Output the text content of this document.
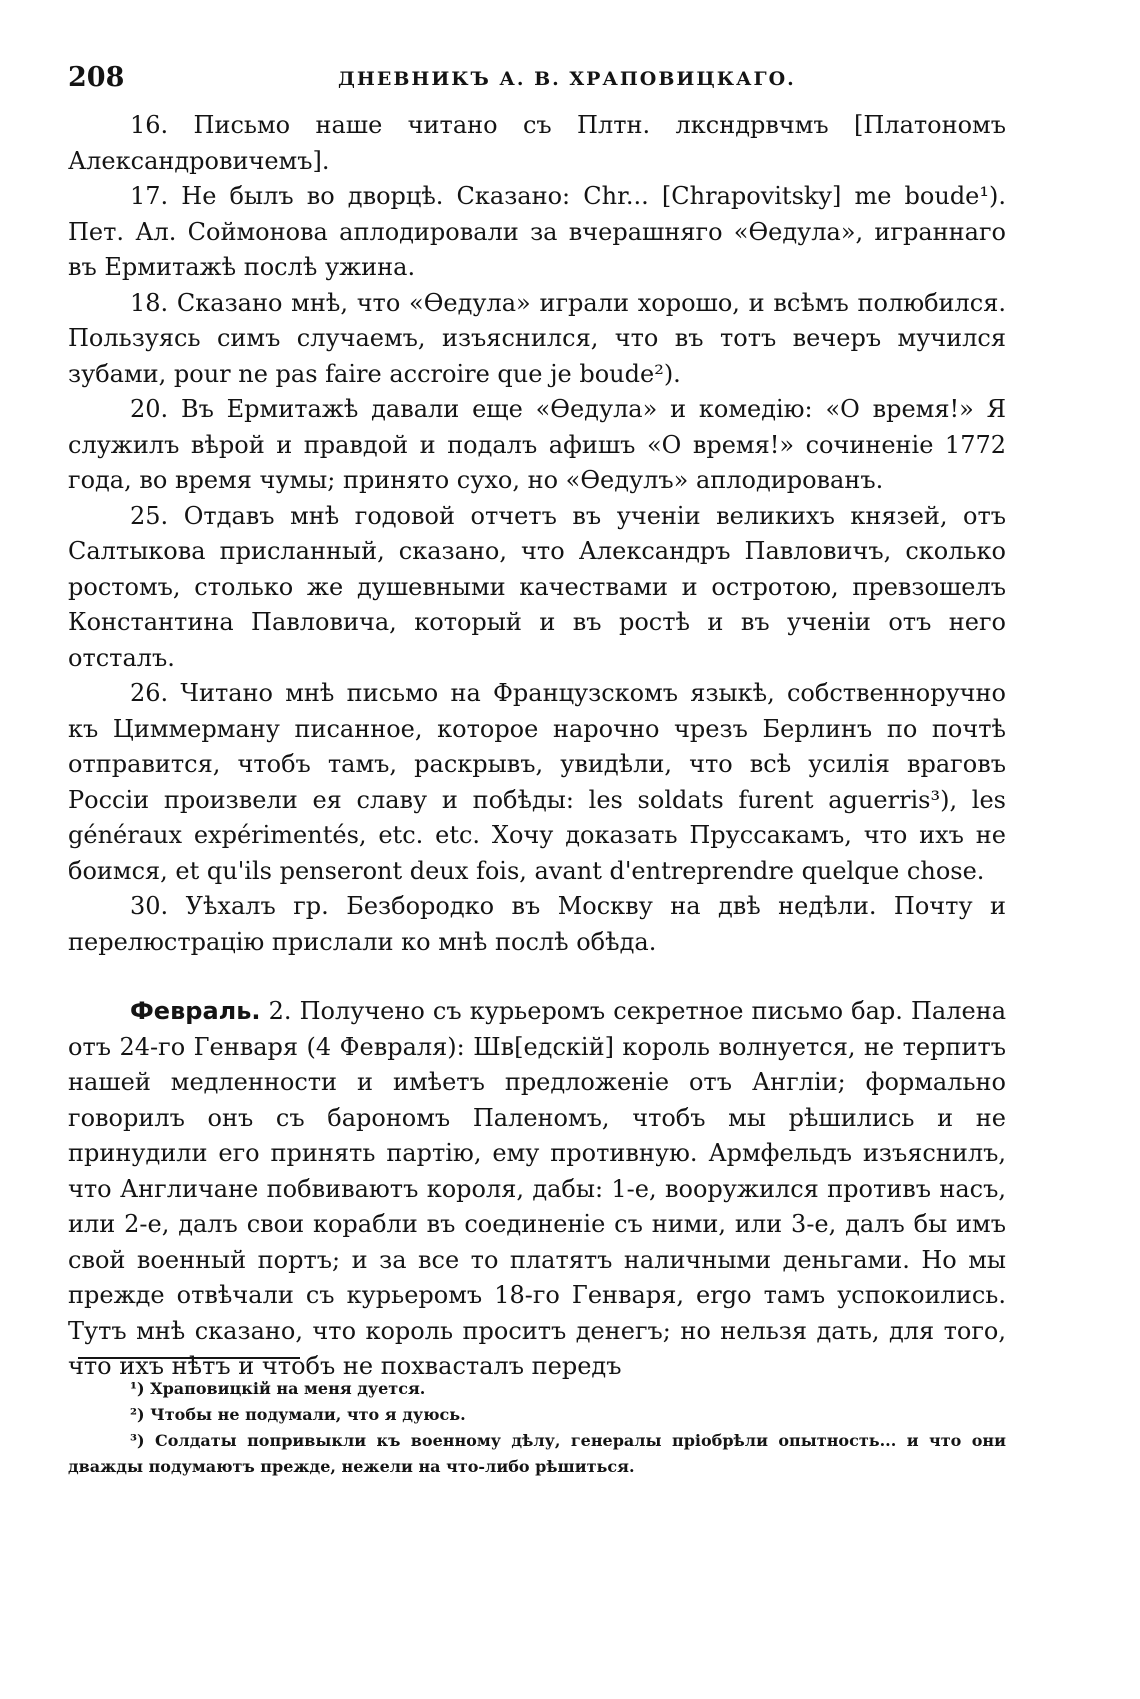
208	ДНЕВНИКЪ А. В. ХРАПОВИЦКАГО.

16. Письмо наше читано съ Плтн. лксндрвчмъ [Платономъ Александровичемъ].

17. Не былъ во дворцѣ. Сказано: Chr... [Chrapovitsky] me boude¹). Пет. Ал. Соймонова аплодировали за вчерашняго «Ѳедула», играннаго въ Ермитажѣ послѣ ужина.

18. Сказано мнѣ, что «Ѳедула» играли хорошо, и всѣмъ полюбился. Пользуясь симъ случаемъ, изъяснился, что въ тотъ вечеръ мучился зубами, pour ne pas faire accroire que je boude²).

20. Въ Ермитажѣ давали еще «Ѳедула» и комедію: «О время!» Я служилъ вѣрой и правдой и подалъ афишъ «О время!» сочиненіе 1772 года, во время чумы; принято сухо, но «Ѳедулъ» аплодированъ.

25. Отдавъ мнѣ годовой отчетъ въ ученіи великихъ князей, отъ Салтыкова присланный, сказано, что Александръ Павловичъ, сколько ростомъ, столько же душевными качествами и остротою, превзошелъ Константина Павловича, который и въ ростѣ и въ ученіи отъ него отсталъ.

26. Читано мнѣ письмо на Французскомъ языкѣ, собственноручно къ Циммерману писанное, которое нарочно чрезъ Берлинъ по почтѣ отправится, чтобъ тамъ, раскрывъ, увидѣли, что всѣ усилія враговъ Россіи произвели ея славу и побѣды: les soldats furent aguerris³), les généraux expérimentés, etc. etc. Хочу доказать Пруссакамъ, что ихъ не боимся, et qu'ils penseront deux fois, avant d'entreprendre quelque chose.

30. Уѣхалъ гр. Безбородко въ Москву на двѣ недѣли. Почту и перелюстрацію прислали ко мнѣ послѣ обѣда.

Февраль. 2. Получено съ курьеромъ секретное письмо бар. Палена отъ 24-го Генваря (4 Февраля): Шв[едскій] король волнуется, не терпитъ нашей медленности и имѣетъ предложеніе отъ Англіи; формально говорилъ онъ съ барономъ Паленомъ, чтобъ мы рѣшились и не принудили его принять партію, ему противную. Армфельдъ изъяснилъ, что Англичане побвиваютъ короля, дабы: 1-е, вооружился противъ насъ, или 2-е, далъ свои корабли въ соединеніе съ ними, или 3-е, далъ бы имъ свой военный портъ; и за все то платятъ наличными деньгами. Но мы прежде отвѣчали съ курьеромъ 18-го Генваря, ergo тамъ успокоились. Тутъ мнѣ сказано, что король проситъ денегъ; но нельзя дать, для того, что ихъ нѣтъ и чтобъ не похвасталъ передъ

¹) Храповицкій на меня дуется.

²) Чтобы не подумали, что я дуюсь.

³) Солдаты попривыкли къ военному дѣлу, генералы пріобрѣли опытность... и что они дважды подумаютъ прежде, нежели на что-либо рѣшиться.
